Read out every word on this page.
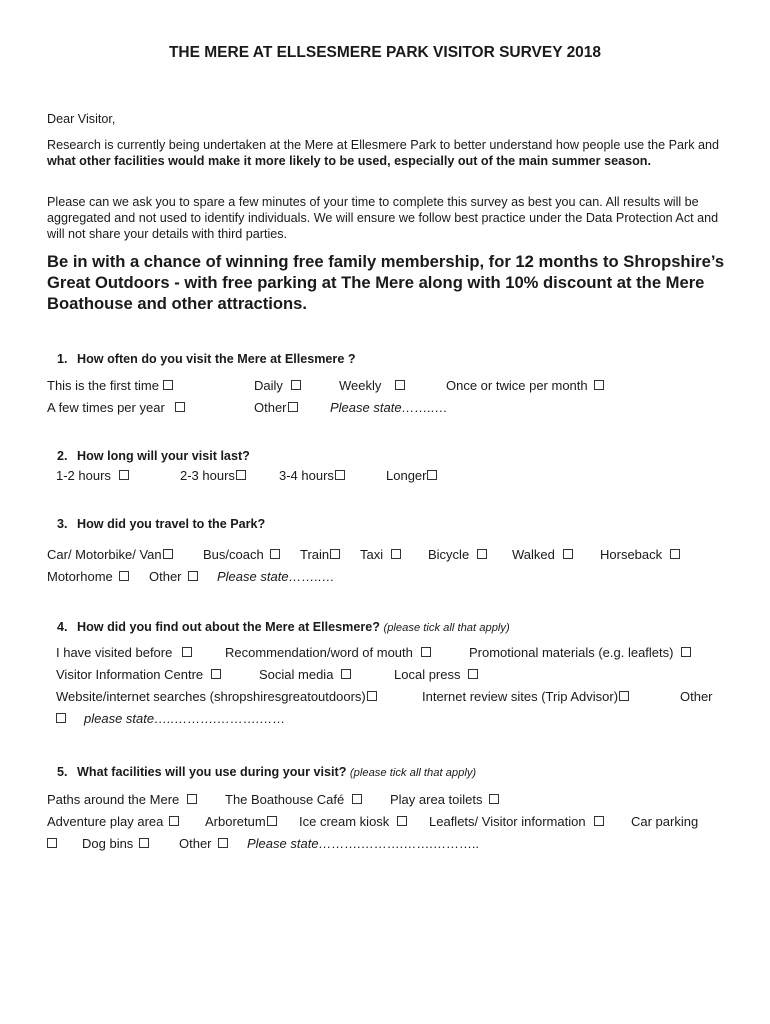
THE MERE AT ELLSESMERE PARK VISITOR SURVEY 2018
Dear Visitor,
Research is currently being undertaken at the Mere at Ellesmere Park to better understand how people use the Park and what other facilities would make it more likely to be used, especially out of the main summer season.
Please can we ask you to spare a few minutes of your time to complete this survey as best you can. All results will be aggregated and not used to identify individuals. We will ensure we follow best practice under the Data Protection Act and will not share your details with third parties.
Be in with a chance of winning free family membership, for 12 months to Shropshire’s Great Outdoors - with free parking at The Mere along with 10% discount at the Mere Boathouse and other attractions.
1. How often do you visit the Mere at Ellesmere ?
This is the first time	Daily	Weekly	Once or twice per month
A few times per year	Other	Please state……..…
2. How long will your visit last?
1-2 hours	2-3 hours	3-4 hours	Longer
3. How did you travel to the Park?
Car/ Motorbike/ Van	Bus/coach	Train	Taxi	Bicycle	Walked	Horseback
Motorhome	Other	Please state……..…
4. How did you find out about the Mere at Ellesmere? (please tick all that apply)
I have visited before	Recommendation/word of mouth	Promotional materials (e.g. leaflets)
Visitor Information Centre	Social media	Local press
Website/internet searches (shropshiresgreatoutdoors)	Internet review sites (Trip Advisor)	Other
please state…..……….……….……
5. What facilities will you use during your visit? (please tick all that apply)
Paths around the Mere	The Boathouse Café	Play area toilets
Adventure play area	Arboretum	Ice cream kiosk	Leaflets/ Visitor information	Car parking
Dog bins	Other	Please state……….……….…….………..
